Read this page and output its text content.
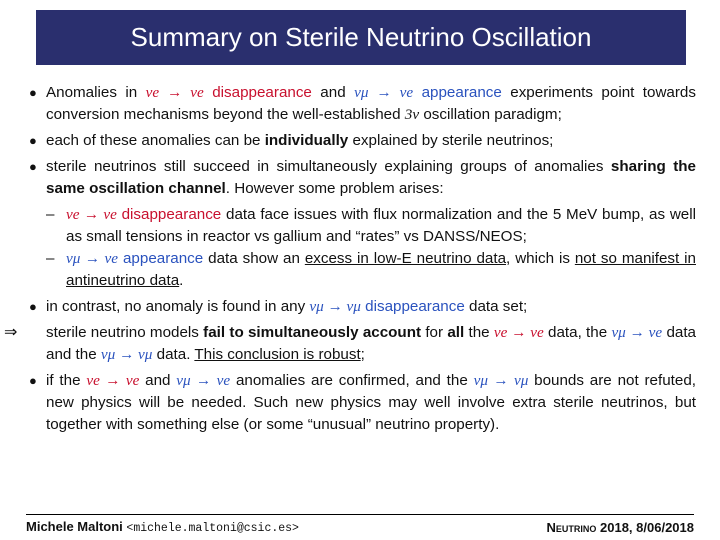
Summary on Sterile Neutrino Oscillation
● Anomalies in νe → νe disappearance and νμ → νe appearance experiments point towards conversion mechanisms beyond the well-established 3ν oscillation paradigm;
● each of these anomalies can be individually explained by sterile neutrinos;
● sterile neutrinos still succeed in simultaneously explaining groups of anomalies sharing the same oscillation channel. However some problem arises:
– νe → νe disappearance data face issues with flux normalization and the 5 MeV bump, as well as small tensions in reactor vs gallium and “rates” vs DANSS/NEOS;
– νμ → νe appearance data show an excess in low-E neutrino data, which is not so manifest in antineutrino data.
● in contrast, no anomaly is found in any νμ → νμ disappearance data set;
⇒ sterile neutrino models fail to simultaneously account for all the νe → νe data, the νμ → νe data and the νμ → νμ data. This conclusion is robust;
● if the νe → νe and νμ → νe anomalies are confirmed, and the νμ → νμ bounds are not refuted, new physics will be needed. Such new physics may well involve extra sterile neutrinos, but together with something else (or some “unusual” neutrino property).
Michele Maltoni <michele.maltoni@csic.es>	Neutrino 2018, 8/06/2018
